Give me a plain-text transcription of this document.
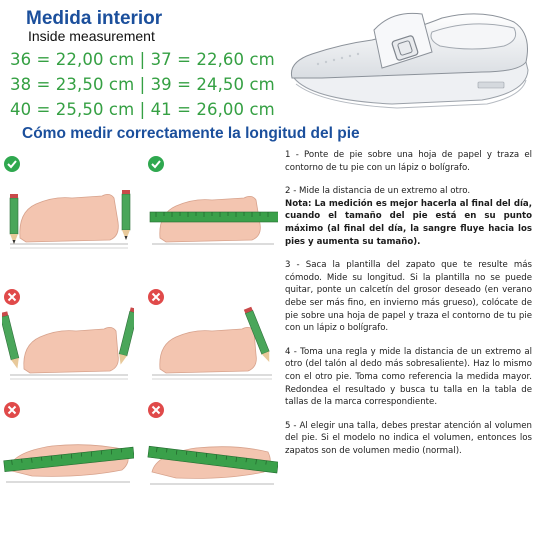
Medida interior
Inside measurement
36 = 22,00 cm | 37 = 22,60 cm
38 = 23,50 cm | 39 = 24,50 cm
40 = 25,50 cm | 41 = 26,00 cm
Cómo medir correctamente la longitud del pie

1 - Ponte de pie sobre una hoja de papel y traza el contorno de tu pie con un lápiz o bolígrafo.

2 - Mide la distancia de un extremo al otro.

Nota: La medición es mejor hacerla al final del día, cuando el tamaño del pie está en su punto máximo (al final del día, la sangre fluye hacia los pies y aumenta su tamaño).

3 - Saca la plantilla del zapato que te resulte más cómodo. Mide su longitud. Si la plantilla no se puede quitar, ponte un calcetín del grosor deseado (en verano debe ser más fino, en invierno más grueso), colócate de pie sobre una hoja de papel y traza el contorno de tu pie con un lápiz o bolígrafo.

4 - Toma una regla y mide la distancia de un extremo al otro (del talón al dedo más sobresaliente). Haz lo mismo con el otro pie. Toma como referencia la medida mayor. Redondea el resultado y busca tu talla en la tabla de tallas de la marca correspondiente.

5 - Al elegir una talla, debes prestar atención al volumen del pie. Si el modelo no indica el volumen, entonces los zapatos son de volumen medio (normal).
